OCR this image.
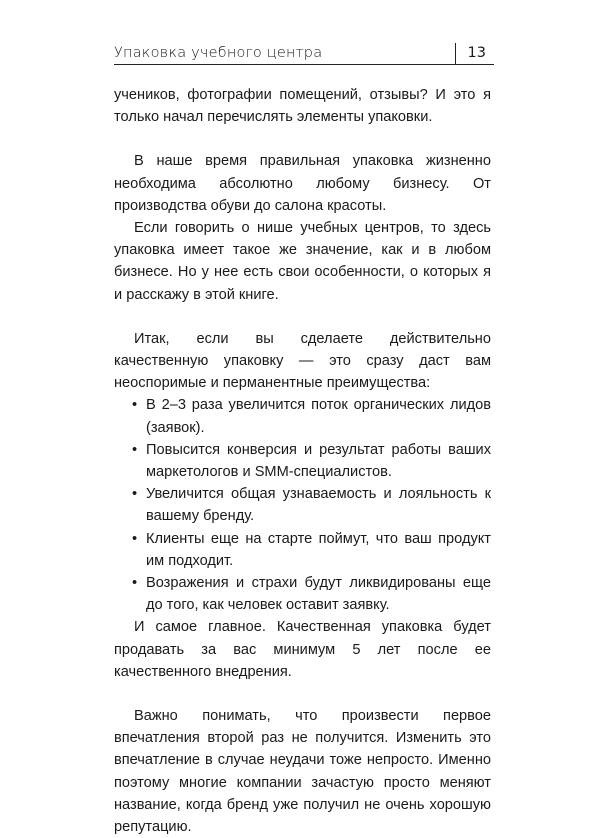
Упаковка учебного центра	13

учеников, фотографии помещений, отзывы? И это я только начал перечислять элементы упаковки.

В наше время правильная упаковка жизненно необходима абсолютно любому бизнесу. От производства обуви до салона красоты.

Если говорить о нише учебных центров, то здесь упаковка имеет такое же значение, как и в любом бизнесе. Но у нее есть свои особенности, о которых я и расскажу в этой книге.

Итак, если вы сделаете действительно качественную упаковку — это сразу даст вам неоспоримые и перманентные преимущества:

• В 2–3 раза увеличится поток органических лидов (заявок).
• Повысится конверсия и результат работы ваших маркетологов и SMM-специалистов.
• Увеличится общая узнаваемость и лояльность к вашему бренду.
• Клиенты еще на старте поймут, что ваш продукт им подходит.
• Возражения и страхи будут ликвидированы еще до того, как человек оставит заявку.

И самое главное. Качественная упаковка будет продавать за вас минимум 5 лет после ее качественного внедрения.

Важно понимать, что произвести первое впечатления второй раз не получится. Изменить это впечатление в случае неудачи тоже непросто. Именно поэтому многие компании зачастую просто меняют название, когда бренд уже получил не очень хорошую репутацию.
